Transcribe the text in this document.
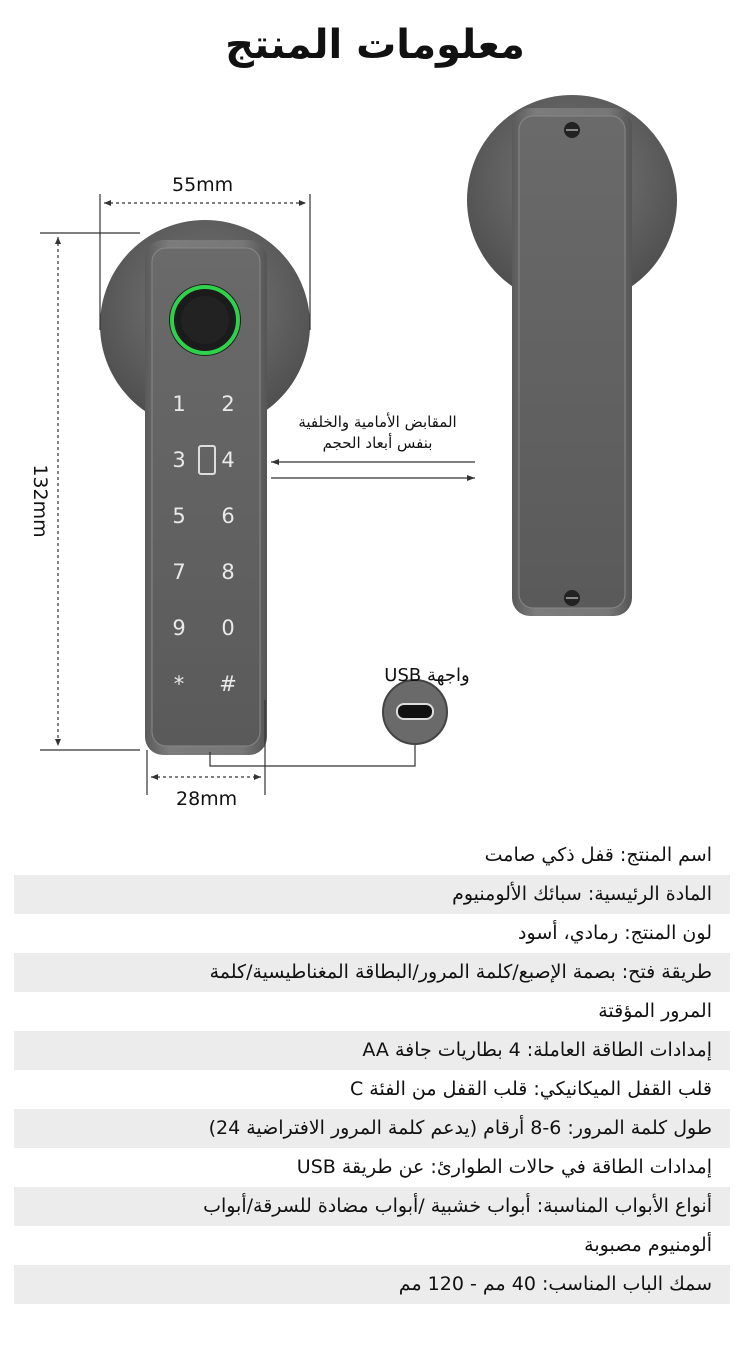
معلومات المنتج
55mm
28mm
132mm
المقابض الأمامية والخلفية
بنفس أبعاد الحجم
واجهة USB
1	2
3	4
5	6
7	8
9	0
*	#
اسم المنتج: قفل ذكي صامت
المادة الرئيسية: سبائك الألومنيوم
لون المنتج: رمادي، أسود
طريقة فتح: بصمة الإصبع/كلمة المرور/البطاقة المغناطيسية/كلمة
المرور المؤقتة
إمدادات الطاقة العاملة: 4 بطاريات جافة AA
قلب القفل الميكانيكي: قلب القفل من الفئة C
طول كلمة المرور: 6-8 أرقام (يدعم كلمة المرور الافتراضية 24)
إمدادات الطاقة في حالات الطوارئ: عن طريقة USB
أنواع الأبواب المناسبة: أبواب خشبية /أبواب مضادة للسرقة/أبواب
ألومنيوم مصبوبة
سمك الباب المناسب: 40 مم - 120 مم
